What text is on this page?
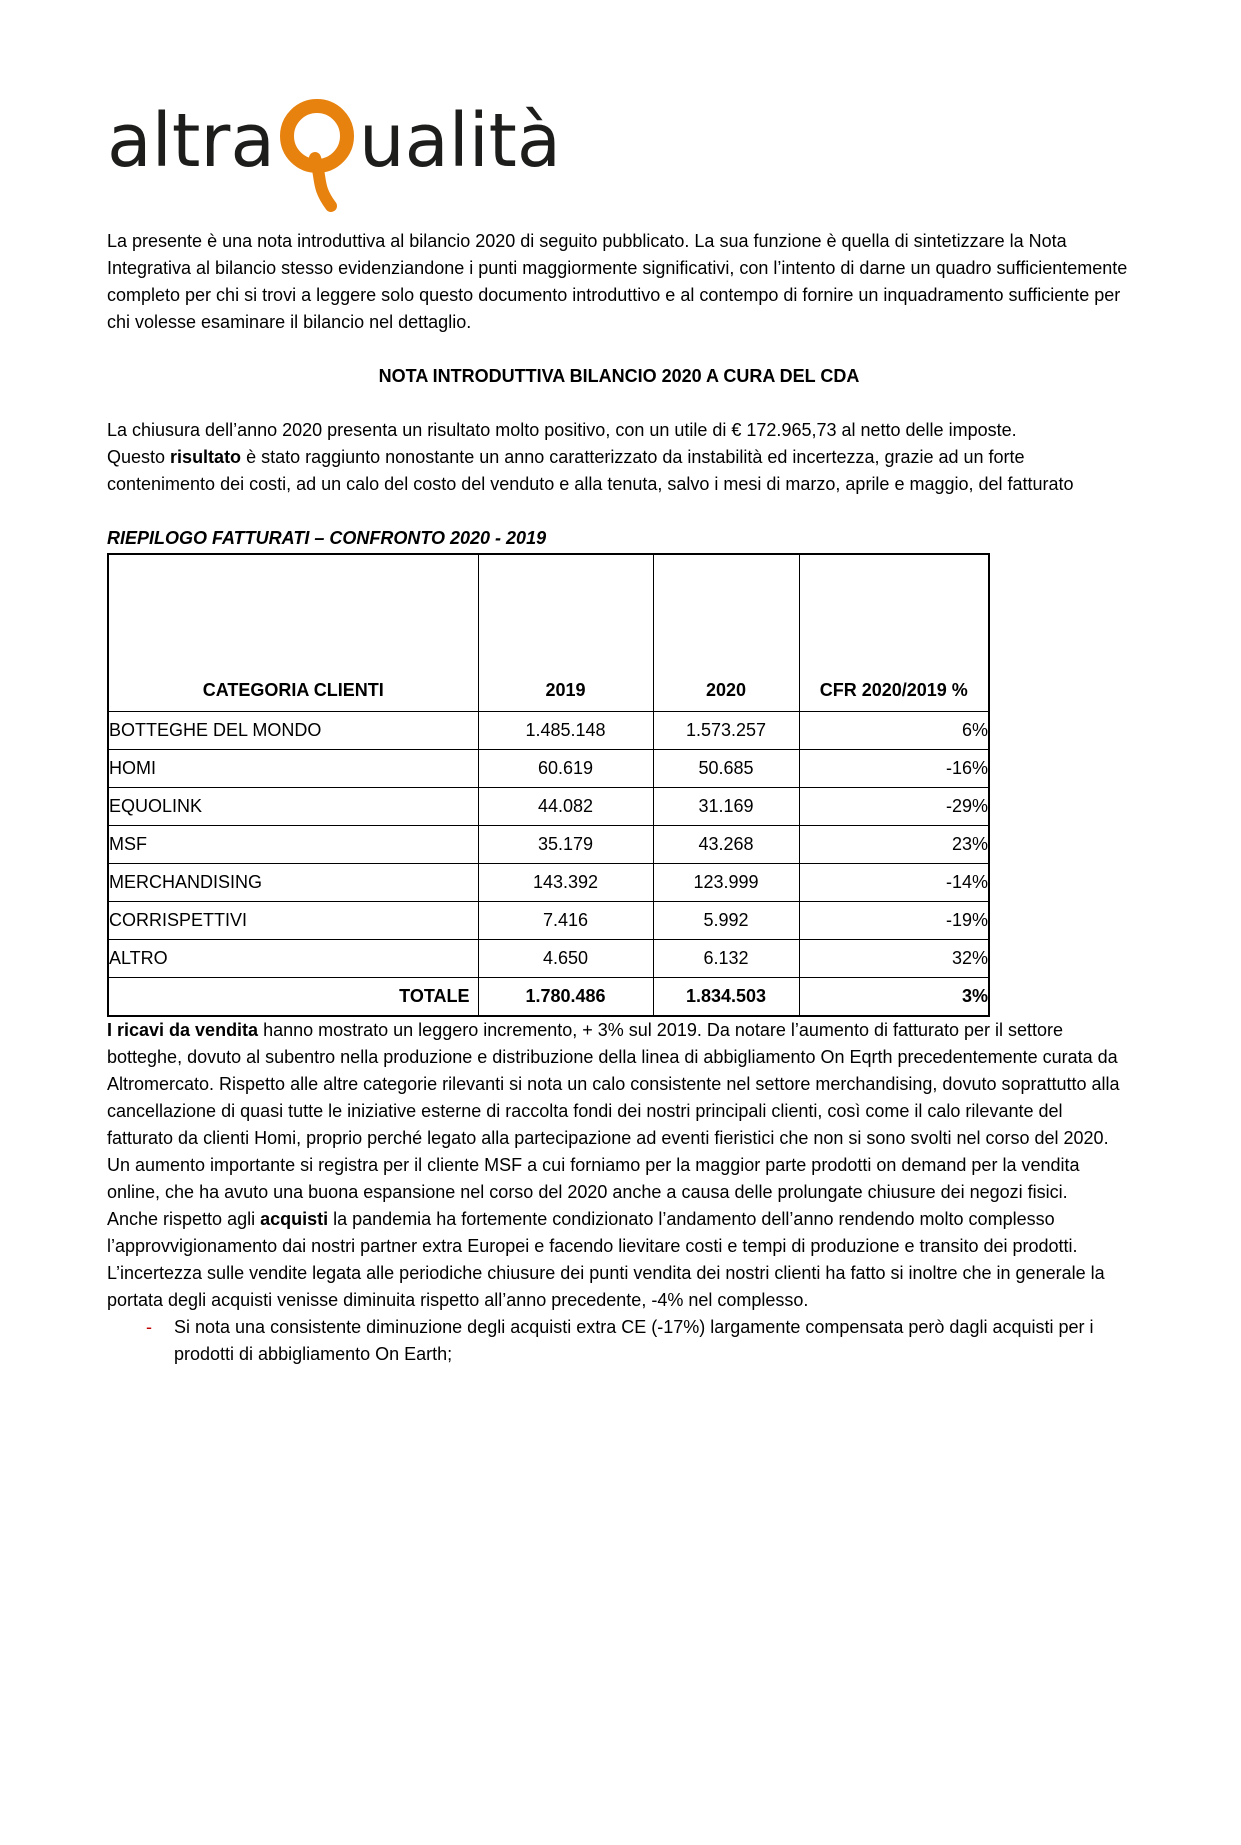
altra ualità

La presente è una nota introduttiva al bilancio 2020 di seguito pubblicato. La sua funzione è quella di sintetizzare la Nota Integrativa al bilancio stesso evidenziandone i punti maggiormente significativi, con l’intento di darne un quadro sufficientemente completo per chi si trovi a leggere solo questo documento introduttivo e al contempo di fornire un inquadramento sufficiente per chi volesse esaminare il bilancio nel dettaglio.

NOTA INTRODUTTIVA BILANCIO 2020 A CURA DEL CDA

La chiusura dell’anno 2020 presenta un risultato molto positivo, con un utile di € 172.965,73 al netto delle imposte.

Questo risultato è stato raggiunto nonostante un anno caratterizzato da instabilità ed incertezza, grazie ad un forte contenimento dei costi, ad un calo del costo del venduto e alla tenuta, salvo i mesi di marzo, aprile e maggio, del fatturato

RIEPILOGO FATTURATI – CONFRONTO 2020 - 2019
CATEGORIA CLIENTI	2019	2020	CFR 2020/2019 %
BOTTEGHE DEL MONDO	1.485.148	1.573.257	6%
HOMI	60.619	50.685	-16%
EQUOLINK	44.082	31.169	-29%
MSF	35.179	43.268	23%
MERCHANDISING	143.392	123.999	-14%
CORRISPETTIVI	7.416	5.992	-19%
ALTRO	4.650	6.132	32%
TOTALE	1.780.486	1.834.503	3%

I ricavi da vendita hanno mostrato un leggero incremento, + 3% sul 2019. Da notare l’aumento di fatturato per il settore botteghe, dovuto al subentro nella produzione e distribuzione della linea di abbigliamento On Eqrth precedentemente curata da Altromercato. Rispetto alle altre categorie rilevanti si nota un calo consistente nel settore merchandising, dovuto soprattutto alla cancellazione di quasi tutte le iniziative esterne di raccolta fondi dei nostri principali clienti, così come il calo rilevante del fatturato da clienti Homi, proprio perché legato alla partecipazione ad eventi fieristici che non si sono svolti nel corso del 2020. Un aumento importante si registra per il cliente MSF a cui forniamo per la maggior parte prodotti on demand per la vendita online, che ha avuto una buona espansione nel corso del 2020 anche a causa delle prolungate chiusure dei negozi fisici.

Anche rispetto agli acquisti la pandemia ha fortemente condizionato l’andamento dell’anno rendendo molto complesso l’approvvigionamento dai nostri partner extra Europei e facendo lievitare costi e tempi di produzione e transito dei prodotti. L’incertezza sulle vendite legata alle periodiche chiusure dei punti vendita dei nostri clienti ha fatto si inoltre che in generale la portata degli acquisti venisse diminuita rispetto all’anno precedente, -4% nel complesso.

-	Si nota una consistente diminuzione degli acquisti extra CE (-17%) largamente compensata però dagli acquisti per i prodotti di abbigliamento On Earth;
